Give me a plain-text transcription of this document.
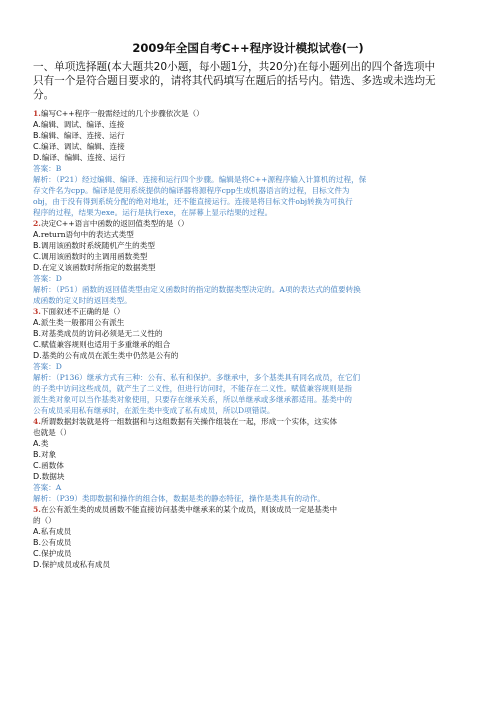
2009年全国自考C++程序设计模拟试卷(一)
一、单项选择题(本大题共20小题，每小题1分，共20分)在每小题列出的四个备选项中
只有一个是符合题目要求的，请将其代码填写在题后的括号内。错选、多选或未选均无
分。
1.编写C++程序一般需经过的几个步骤依次是（）
A.编辑、调试、编译、连接
B.编辑、编译、连接、运行
C.编译、调试、编辑、连接
D.编译、编辑、连接、运行
答案：B
解析：（P21）经过编辑、编译、连接和运行四个步骤。编辑是将C++源程序输入计算机的过程，保
存文件名为cpp。编译是使用系统提供的编译器将源程序cpp生成机器语言的过程，目标文件为
obj，由于没有得到系统分配的绝对地址，还不能直接运行。连接是将目标文件obj转换为可执行
程序的过程，结果为exe。运行是执行exe，在屏幕上显示结果的过程。
2.决定C++语言中函数的返回值类型的是（）
A.return语句中的表达式类型
B.调用该函数时系统随机产生的类型
C.调用该函数时的主调用函数类型
D.在定义该函数时所指定的数据类型
答案：D
解析：（P51）函数的返回值类型由定义函数时的指定的数据类型决定的。A项的表达式的值要转换
成函数的定义时的返回类型。
3.下面叙述不正确的是（）
A.派生类一般都用公有派生
B.对基类成员的访问必须是无二义性的
C.赋值兼容规则也适用于多重继承的组合
D.基类的公有成员在派生类中仍然是公有的
答案：D
解析：（P136）继承方式有三种：公有、私有和保护。多继承中，多个基类具有同名成员，在它们
的子类中访问这些成员，就产生了二义性，但进行访问时，不能存在二义性。赋值兼容规则是指
派生类对象可以当作基类对象使用，只要存在继承关系，所以单继承或多继承都适用。基类中的
公有成员采用私有继承时，在派生类中变成了私有成员，所以D项错误。
4.所谓数据封装就是将一组数据和与这组数据有关操作组装在一起，形成一个实体，这实体
也就是（）
A.类
B.对象
C.函数体
D.数据块
答案：A
解析：（P39）类即数据和操作的组合体，数据是类的静态特征，操作是类具有的动作。
5.在公有派生类的成员函数不能直接访问基类中继承来的某个成员，则该成员一定是基类中
的（）
A.私有成员
B.公有成员
C.保护成员
D.保护成员或私有成员
